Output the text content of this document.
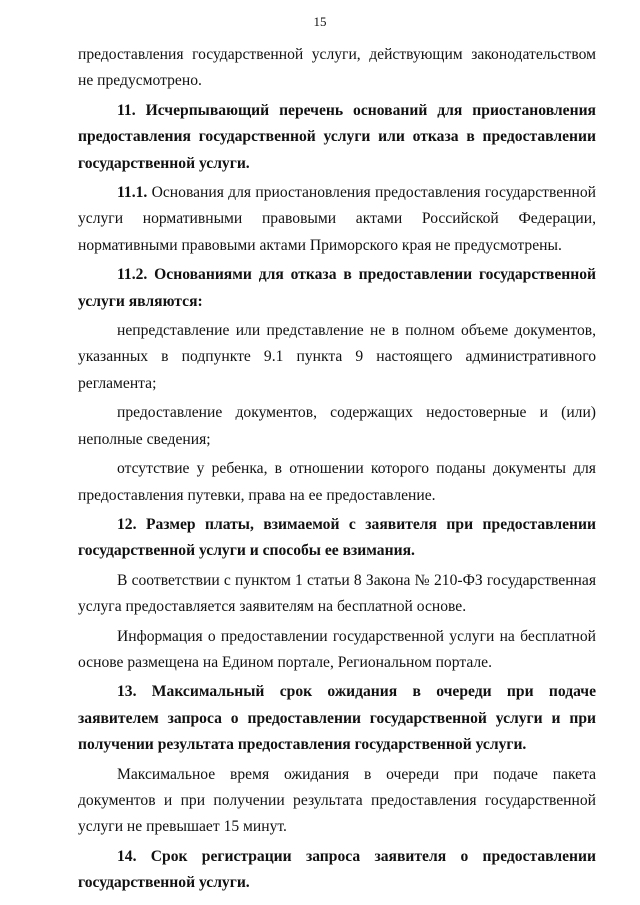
15

предоставления государственной услуги, действующим законодательством не предусмотрено.

11. Исчерпывающий перечень оснований для приостановления предоставления государственной услуги или отказа в предоставлении государственной услуги.

11.1. Основания для приостановления предоставления государственной услуги нормативными правовыми актами Российской Федерации, нормативными правовыми актами Приморского края не предусмотрены.

11.2. Основаниями для отказа в предоставлении государственной услуги являются:

непредставление или представление не в полном объеме документов, указанных в подпункте 9.1 пункта 9 настоящего административного регламента;

предоставление документов, содержащих недостоверные и (или) неполные сведения;

отсутствие у ребенка, в отношении которого поданы документы для предоставления путевки, права на ее предоставление.

12. Размер платы, взимаемой с заявителя при предоставлении государственной услуги и способы ее взимания.

В соответствии с пунктом 1 статьи 8 Закона № 210-ФЗ государственная услуга предоставляется заявителям на бесплатной основе.

Информация о предоставлении государственной услуги на бесплатной основе размещена на Едином портале, Региональном портале.

13. Максимальный срок ожидания в очереди при подаче заявителем запроса о предоставлении государственной услуги и при получении результата предоставления государственной услуги.

Максимальное время ожидания в очереди при подаче пакета документов и при получении результата предоставления государственной услуги не превышает 15 минут.

14. Срок регистрации запроса заявителя о предоставлении государственной услуги.
